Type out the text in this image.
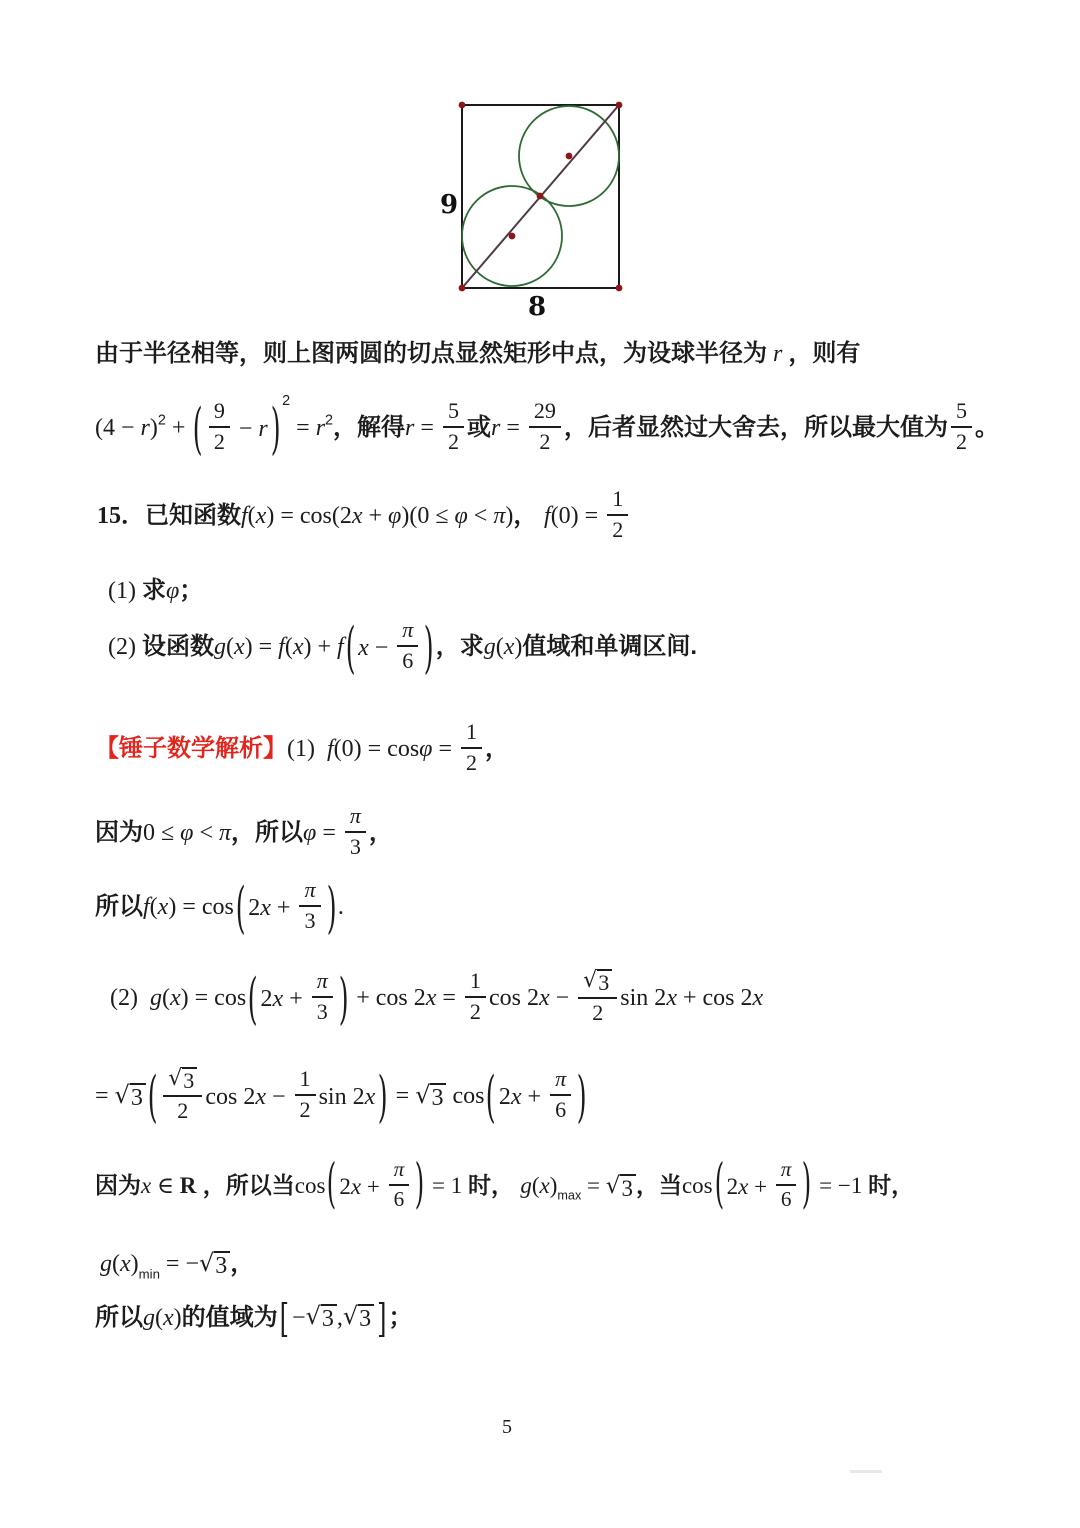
9
8
由于半径相等，则上图两圆的切点显然矩形中点，为设球半径为 r ，则有
$(4 - r)^2$ + ( $\frac{9}{2} - r$ ) $^2 = r^2$，解得$r = \frac{5}{2}$ 或$r = \frac{29}{2}$ ，后者显然过大舍去，所以最大值为 $\frac{5}{2}$ 。
15．已知函数f(x) = cos(2x + φ)(0 ≤ φ < π)， $f(0) = \frac{1}{2}$
(1) 求φ；
(2) 设函数g(x) = f(x) + f ( $x - \frac{\pi}{6}$ ) ，求g(x)值域和单调区间.
【锤子数学解析】(1)  $f(0) = \cos\varphi = \frac{1}{2}$ ，
因为0 ≤ φ < π，所以$\varphi = \frac{\pi}{3}$ ，
所以f(x) = cos ( 2 $x + \frac{\pi}{3}$ ) .
(2)  g(x) = cos ( 2 $x + \frac{\pi}{3}$ ) + $\cos 2x = \frac{1}{2}$ $\cos 2x - \frac{√ 3}{2}$ sin 2x + cos 2x
= √ 3 ( $\frac{√ 3}{2}$ cos 2 $x - \frac{1}{2}$ sin 2 x ) = √ 3 cos ( 2 $x + \frac{\pi}{6}$ )
因为x ∈ R ，所以当cos ( 2 $x + \frac{\pi}{6}$ ) = 1 时， $g(x)_{max}$ = √ 3 ，当cos ( 2 $x + \frac{\pi}{6}$ ) = −1 时，
$g(x)_{min}$ = − √ 3 ，
所以g(x)的值域为 [ − √ 3 , √ 3 ] ；
5
